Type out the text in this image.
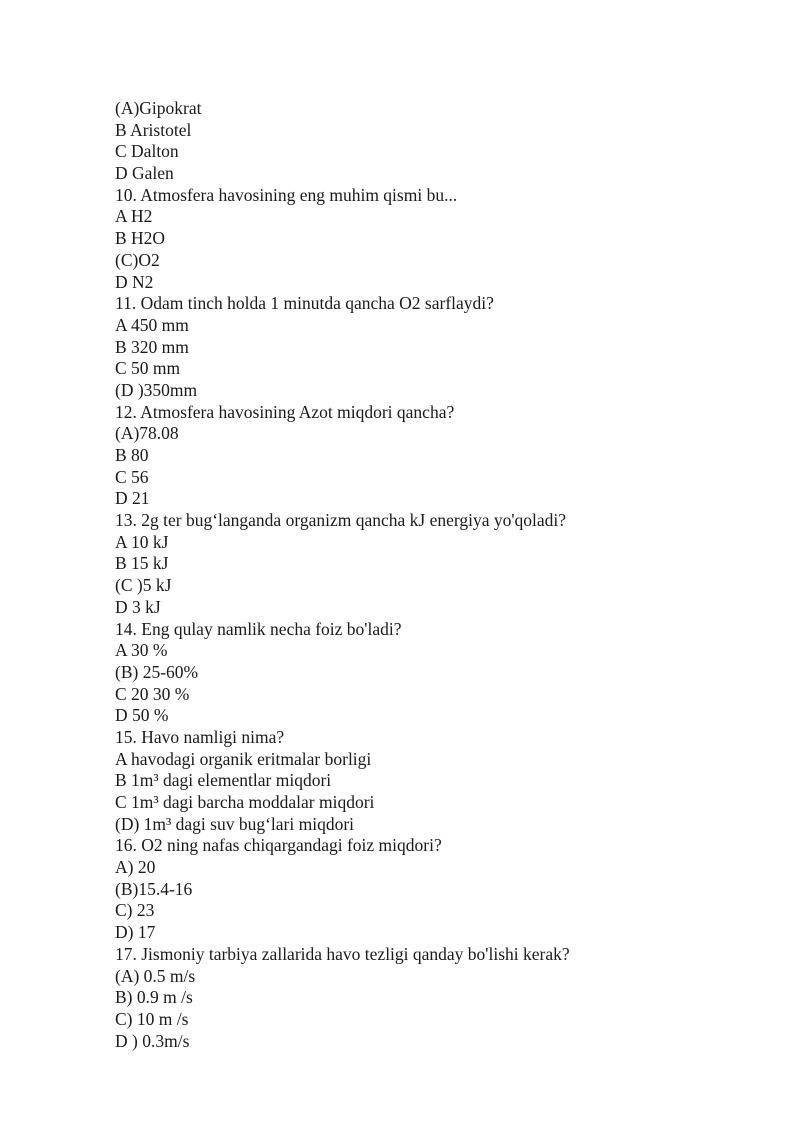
(A)Gipokrat
B Aristotel
C Dalton
D Galen
10. Atmosfera havosining eng muhim qismi bu...
A H2
B H2O
(C)O2
D N2
11. Odam tinch holda 1 minutda qancha O2 sarflaydi?
A 450 mm
B 320 mm
C 50 mm
(D )350mm
12. Atmosfera havosining Azot miqdori qancha?
(A)78.08
B 80
C 56
D 21
13. 2g ter bug‘langanda organizm qancha kJ energiya yo'qoladi?
A 10 kJ
B 15 kJ
(C )5 kJ
D 3 kJ
14. Eng qulay namlik necha foiz bo'ladi?
A 30 %
(B) 25-60%
C 20 30 %
D 50 %
15. Havo namligi nima?
A havodagi organik eritmalar borligi
B 1m³ dagi elementlar miqdori
C 1m³ dagi barcha moddalar miqdori
(D) 1m³ dagi suv bug‘lari miqdori
16. O2 ning nafas chiqargandagi foiz miqdori?
A) 20
(B)15.4-16
C) 23
D) 17
17. Jismoniy tarbiya zallarida havo tezligi qanday bo'lishi kerak?
(A) 0.5 m/s
B) 0.9 m /s
C) 10 m /s
D ) 0.3m/s
